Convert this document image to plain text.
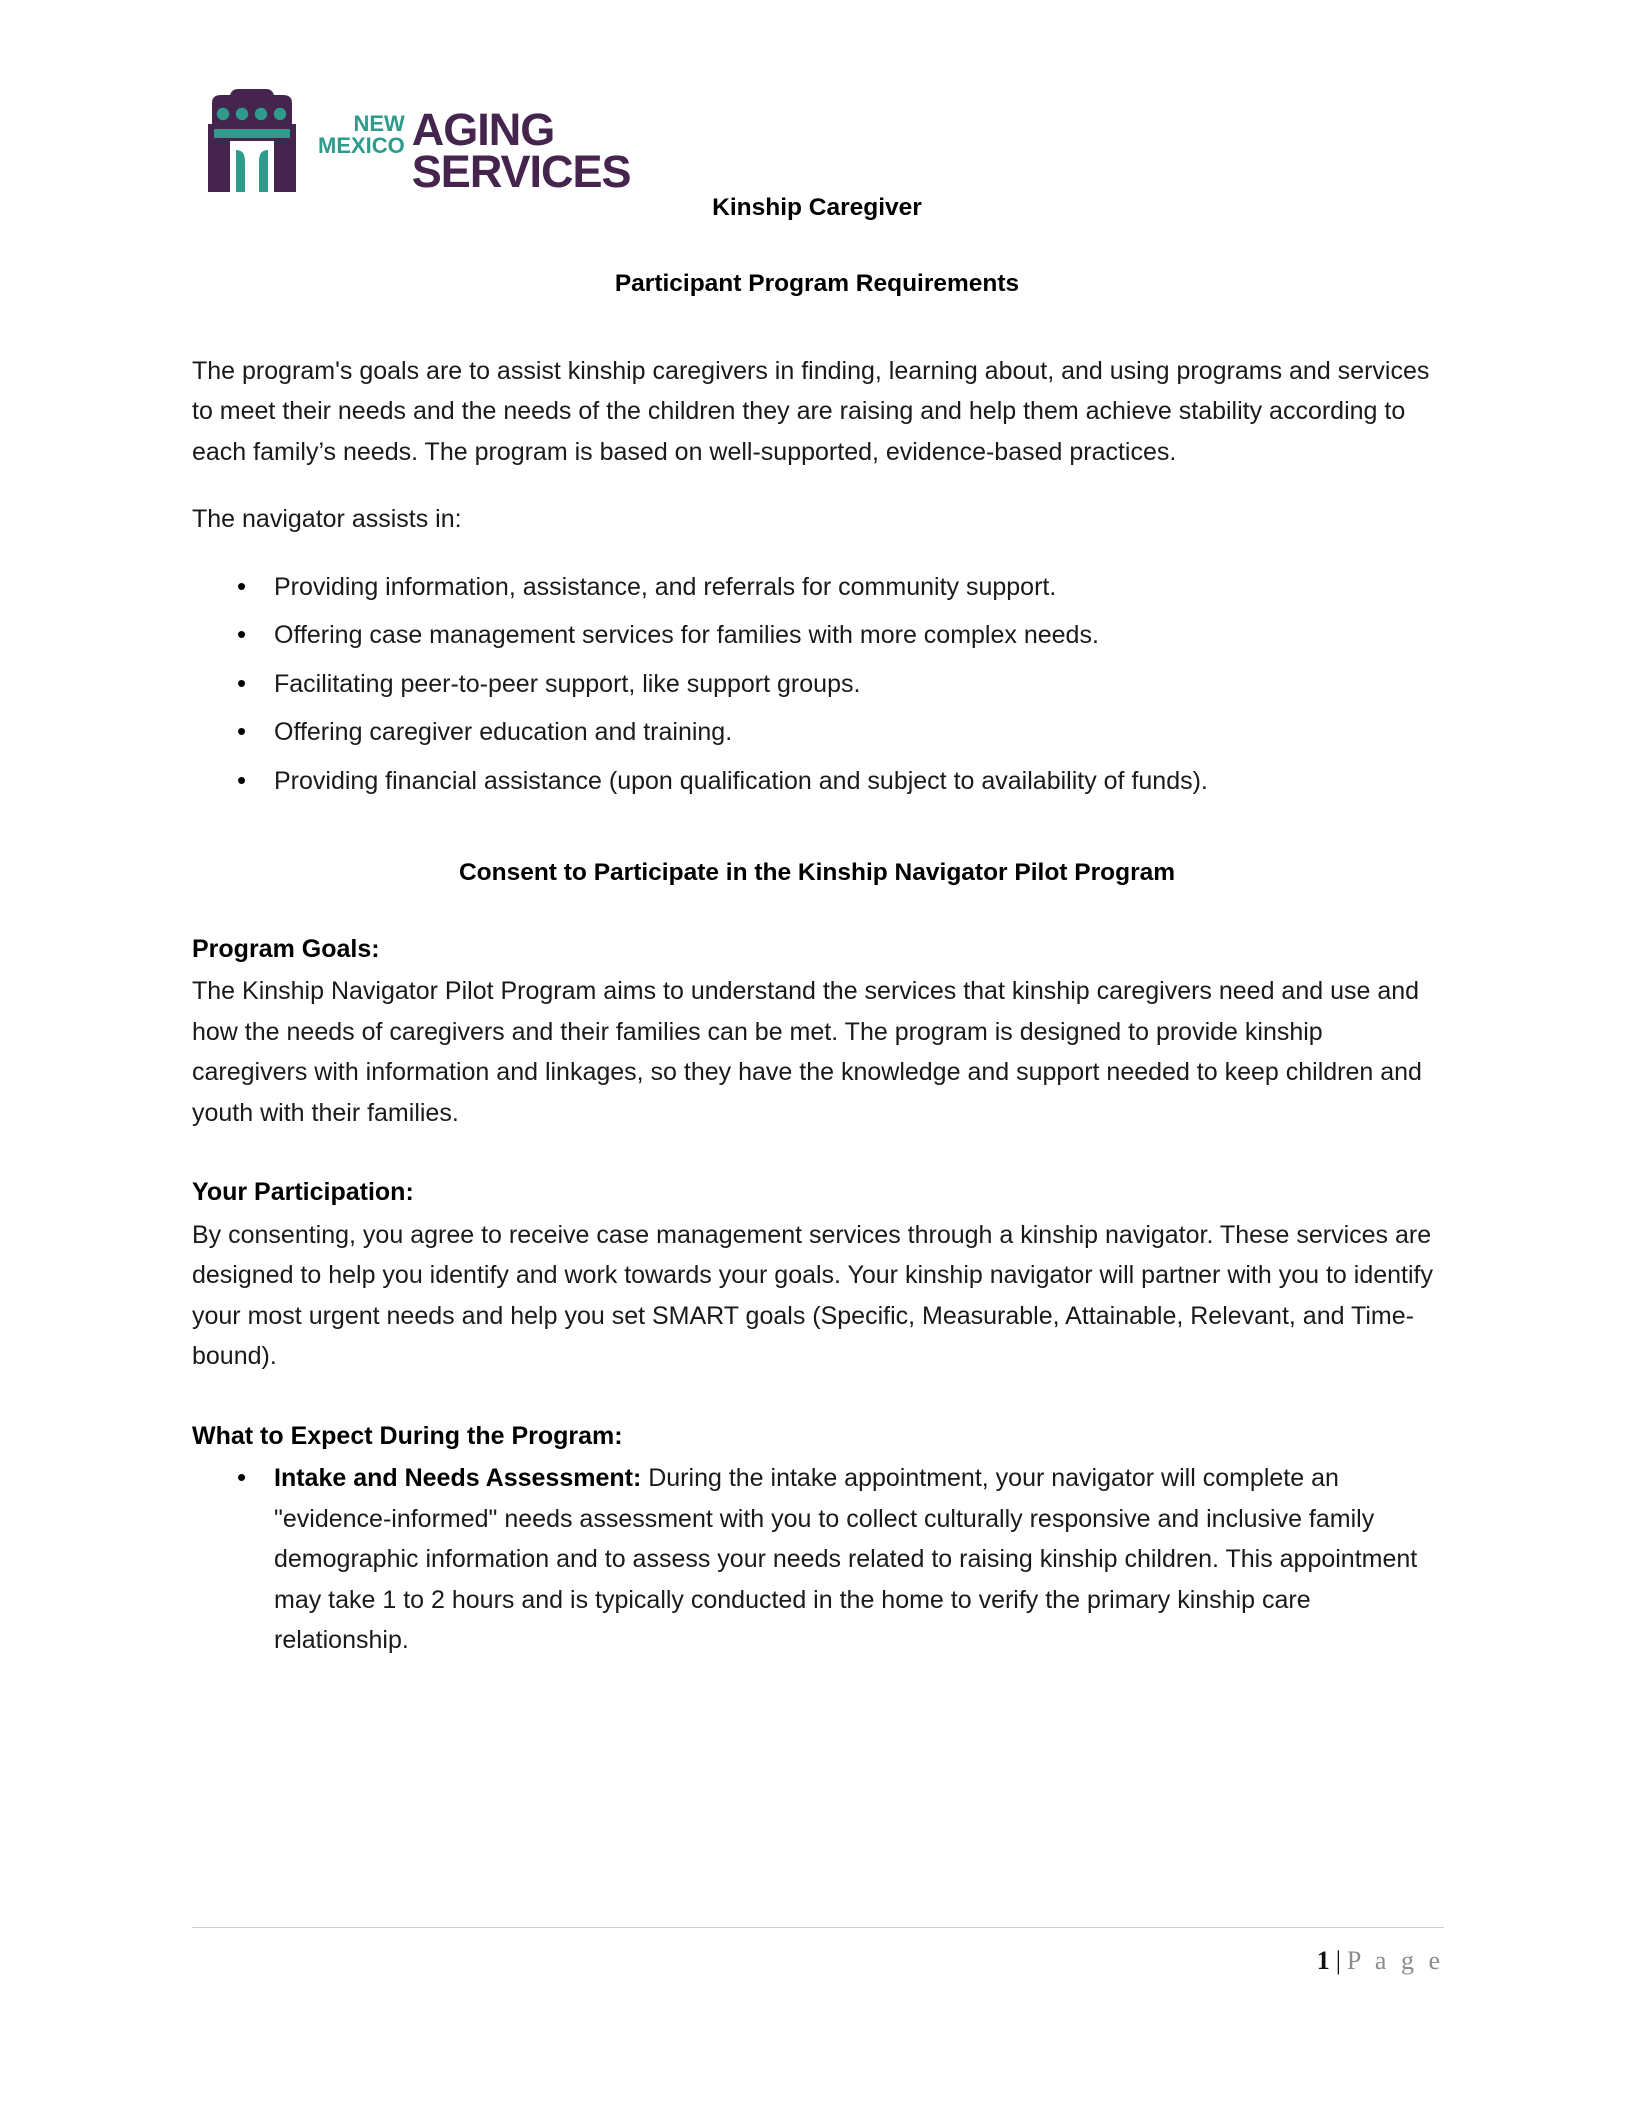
NEW
MEXICO AGING
SERVICES
Kinship Caregiver
Participant Program Requirements

The program's goals are to assist kinship caregivers in finding, learning about, and using programs and services to meet their needs and the needs of the children they are raising and help them achieve stability according to each family’s needs. The program is based on well-supported, evidence-based practices.

The navigator assists in:

• Providing information, assistance, and referrals for community support.
• Offering case management services for families with more complex needs.
• Facilitating peer-to-peer support, like support groups.
• Offering caregiver education and training.
• Providing financial assistance (upon qualification and subject to availability of funds).
Consent to Participate in the Kinship Navigator Pilot Program
Program Goals:

The Kinship Navigator Pilot Program aims to understand the services that kinship caregivers need and use and how the needs of caregivers and their families can be met. The program is designed to provide kinship caregivers with information and linkages, so they have the knowledge and support needed to keep children and youth with their families.

Your Participation:

By consenting, you agree to receive case management services through a kinship navigator. These services are designed to help you identify and work towards your goals. Your kinship navigator will partner with you to identify your most urgent needs and help you set SMART goals (Specific, Measurable, Attainable, Relevant, and Time-bound).

What to Expect During the Program:
• Intake and Needs Assessment: During the intake appointment, your navigator will complete an "evidence-informed" needs assessment with you to collect culturally responsive and inclusive family demographic information and to assess your needs related to raising kinship children. This appointment may take 1 to 2 hours and is typically conducted in the home to verify the primary kinship care relationship.
1 | P a g e
